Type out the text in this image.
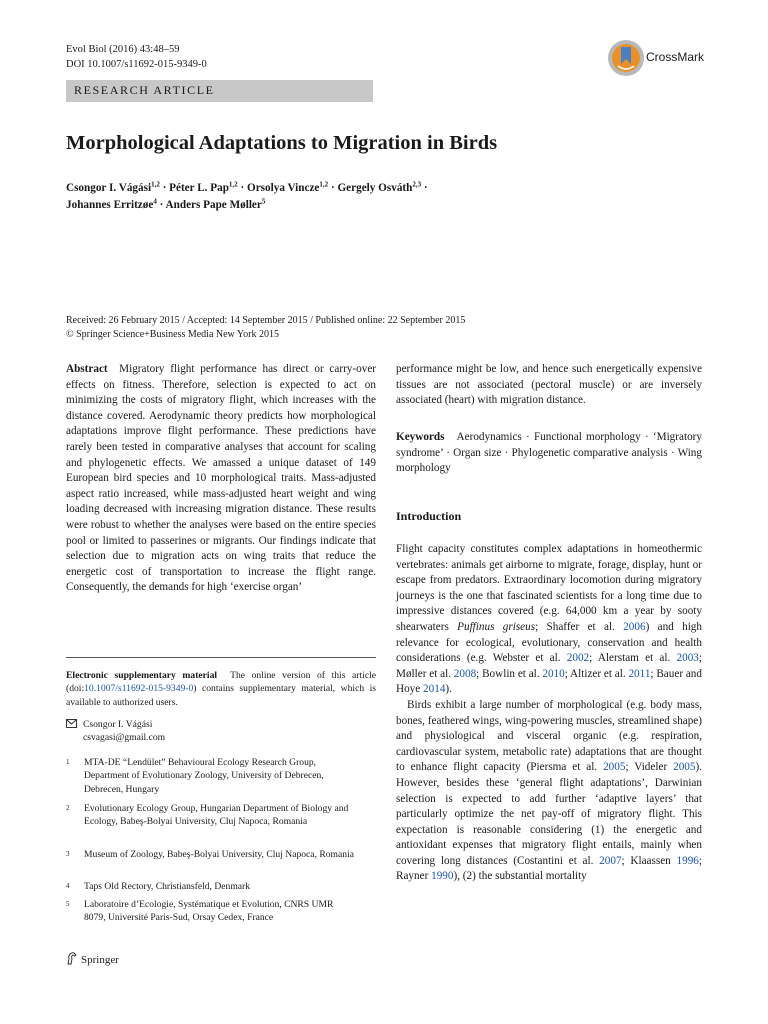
Evol Biol (2016) 43:48–59
DOI 10.1007/s11692-015-9349-0
CrossMark
RESEARCH ARTICLE
Morphological Adaptations to Migration in Birds
Csongor I. Vágási$^{1,2}$ · Péter L. Pap$^{1,2}$ · Orsolya Vincze$^{1,2}$ · Gergely Osváth$^{2,3}$ ·
Johannes Erritzøe$^4$ · Anders Pape Møller$^5$
Received: 26 February 2015 / Accepted: 14 September 2015 / Published online: 22 September 2015
© Springer Science+Business Media New York 2015
Abstract Migratory flight performance has direct or carry-over effects on fitness. Therefore, selection is expected to act on minimizing the costs of migratory flight, which increases with the distance covered. Aerodynamic theory predicts how morphological adaptations improve flight performance. These predictions have rarely been tested in comparative analyses that account for scaling and phylogenetic effects. We amassed a unique dataset of 149 European bird species and 10 morphological traits. Mass-adjusted aspect ratio increased, while mass-adjusted heart weight and wing loading decreased with increasing migration distance. These results were robust to whether the analyses were based on the entire species pool or limited to passerines or migrants. Our findings indicate that selection due to migration acts on wing traits that reduce the energetic cost of transportation to increase the flight range. Consequently, the demands for high ‘exercise organ’
Electronic supplementary material The online version of this article (doi:10.1007/s11692-015-9349-0) contains supplementary material, which is available to authorized users.
Csongor I. Vágási
csvagasi@gmail.com
1 MTA-DE “Lendület” Behavioural Ecology Research Group, Department of Evolutionary Zoology, University of Debrecen, Debrecen, Hungary
2 Evolutionary Ecology Group, Hungarian Department of Biology and Ecology, Babeş-Bolyai University, Cluj Napoca, Romania
3 Museum of Zoology, Babeş-Bolyai University, Cluj Napoca, Romania
4 Taps Old Rectory, Christiansfeld, Denmark
5 Laboratoire d’Ecologie, Systématique et Evolution, CNRS UMR 8079, Université Paris-Sud, Orsay Cedex, France
performance might be low, and hence such energetically expensive tissues are not associated (pectoral muscle) or are inversely associated (heart) with migration distance.
Keywords Aerodynamics · Functional morphology · ‘Migratory syndrome’ · Organ size · Phylogenetic comparative analysis · Wing morphology
Introduction
Flight capacity constitutes complex adaptations in homeothermic vertebrates: animals get airborne to migrate, forage, display, hunt or escape from predators. Extraordinary locomotion during migratory journeys is the one that fascinated scientists for a long time due to impressive distances covered (e.g. 64,000 km a year by sooty shearwaters Puffinus griseus; Shaffer et al. 2006) and high relevance for ecological, evolutionary, conservation and health considerations (e.g. Webster et al. 2002; Alerstam et al. 2003; Møller et al. 2008; Bowlin et al. 2010; Altizer et al. 2011; Bauer and Hoye 2014).
Birds exhibit a large number of morphological (e.g. body mass, bones, feathered wings, wing-powering muscles, streamlined shape) and physiological and visceral organic (e.g. respiration, cardiovascular system, metabolic rate) adaptations that are thought to enhance flight capacity (Piersma et al. 2005; Videler 2005). However, besides these ‘general flight adaptations’, Darwinian selection is expected to add further ‘adaptive layers’ that particularly optimize the net pay-off of migratory flight. This expectation is reasonable considering (1) the energetic and antioxidant expenses that migratory flight entails, mainly when covering long distances (Costantini et al. 2007; Klaassen 1996; Rayner 1990), (2) the substantial mortality
Springer
